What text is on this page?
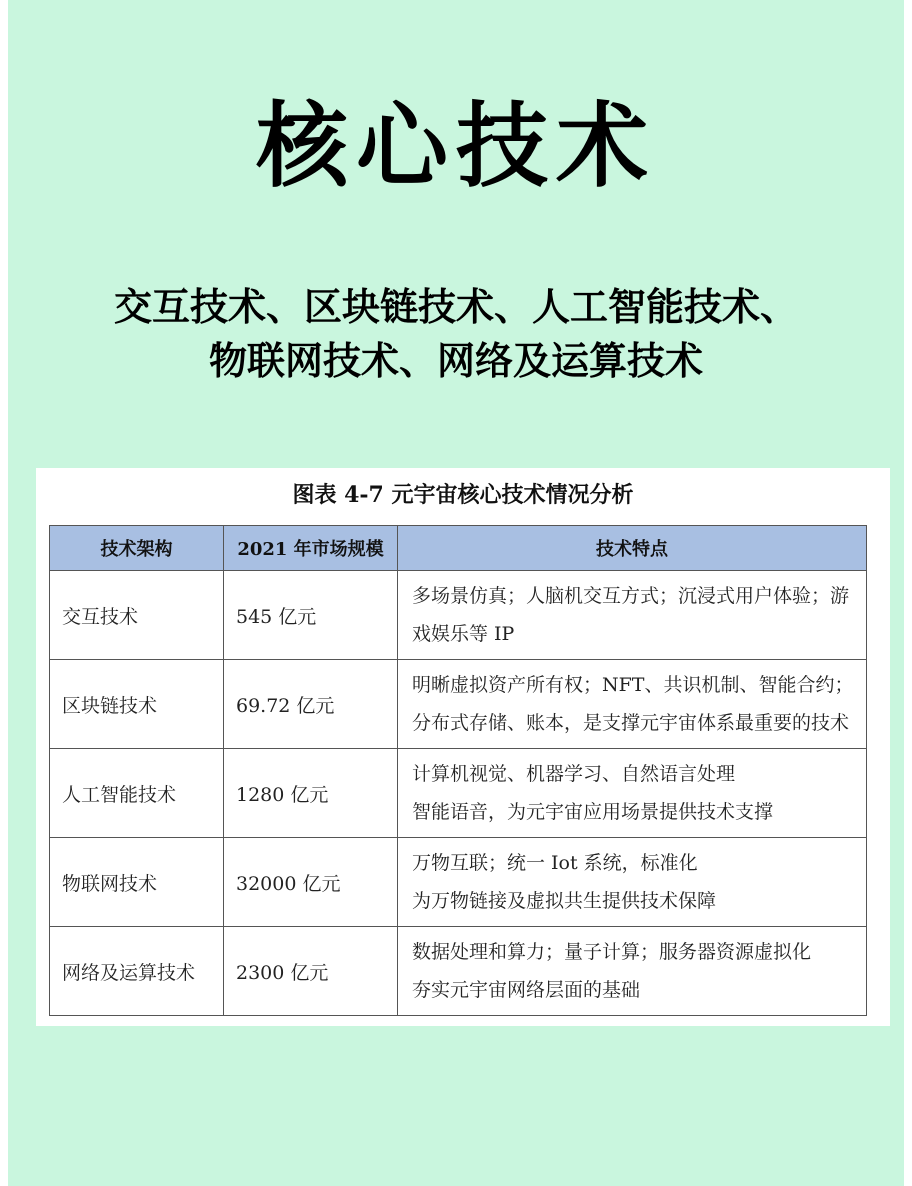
核心技术
交互技术、区块链技术、人工智能技术、
物联网技术、网络及运算技术
图表 4-7 元宇宙核心技术情况分析
技术架构	2021 年市场规模	技术特点
交互技术	545 亿元	多场景仿真；人脑机交互方式；沉浸式用户体验；游
戏娱乐等 IP

区块链技术	69.72 亿元	明晰虚拟资产所有权；NFT、共识机制、智能合约；
分布式存储、账本，是支撑元宇宙体系最重要的技术

人工智能技术	1280 亿元	计算机视觉、机器学习、自然语言处理
智能语音，为元宇宙应用场景提供技术支撑

物联网技术	32000 亿元	万物互联；统一 Iot 系统，标准化
为万物链接及虚拟共生提供技术保障

网络及运算技术	2300 亿元	数据处理和算力；量子计算；服务器资源虚拟化
夯实元宇宙网络层面的基础
